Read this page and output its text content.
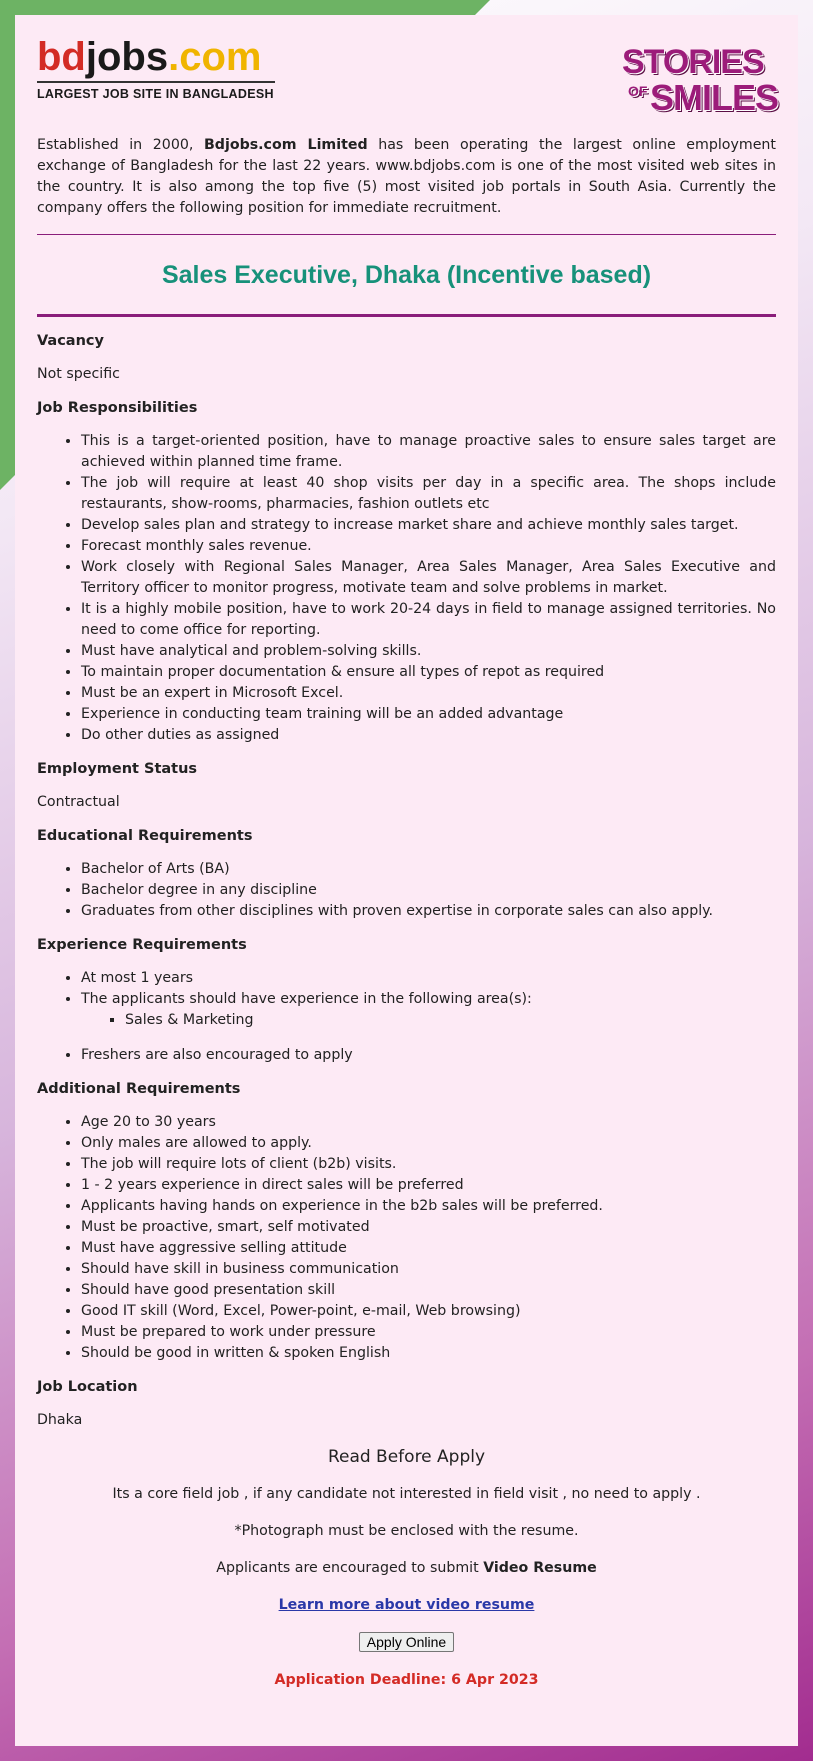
bdjobs.com
LARGEST JOB SITE IN BANGLADESH
STORIES
OF SMILES

Established in 2000, Bdjobs.com Limited has been operating the largest online employment exchange of Bangladesh for the last 22 years. www.bdjobs.com is one of the most visited web sites in the country. It is also among the top five (5) most visited job portals in South Asia. Currently the company offers the following position for immediate recruitment.

Sales Executive, Dhaka (Incentive based)
Vacancy

Not specific

Job Responsibilities
• This is a target-oriented position, have to manage proactive sales to ensure sales target are achieved within planned time frame.
• The job will require at least 40 shop visits per day in a specific area. The shops include restaurants, show-rooms, pharmacies, fashion outlets etc
• Develop sales plan and strategy to increase market share and achieve monthly sales target.
• Forecast monthly sales revenue.
• Work closely with Regional Sales Manager, Area Sales Manager, Area Sales Executive and Territory officer to monitor progress, motivate team and solve problems in market.
• It is a highly mobile position, have to work 20-24 days in field to manage assigned territories. No need to come office for reporting.
• Must have analytical and problem-solving skills.
• To maintain proper documentation & ensure all types of repot as required
• Must be an expert in Microsoft Excel.
• Experience in conducting team training will be an added advantage
• Do other duties as assigned
Employment Status

Contractual

Educational Requirements
• Bachelor of Arts (BA)
• Bachelor degree in any discipline
• Graduates from other disciplines with proven expertise in corporate sales can also apply.
Experience Requirements
• At most 1 years
• The applicants should have experience in the following area(s):
▪ Sales & Marketing
• Freshers are also encouraged to apply
Additional Requirements
• Age 20 to 30 years
• Only males are allowed to apply.
• The job will require lots of client (b2b) visits.
• 1 - 2 years experience in direct sales will be preferred
• Applicants having hands on experience in the b2b sales will be preferred.
• Must be proactive, smart, self motivated
• Must have aggressive selling attitude
• Should have skill in business communication
• Should have good presentation skill
• Good IT skill (Word, Excel, Power-point, e-mail, Web browsing)
• Must be prepared to work under pressure
• Should be good in written & spoken English
Job Location

Dhaka

Read Before Apply

Its a core field job , if any candidate not interested in field visit , no need to apply .

*Photograph must be enclosed with the resume.

Applicants are encouraged to submit Video Resume

Learn more about video resume

Apply Online

Application Deadline: 6 Apr 2023
